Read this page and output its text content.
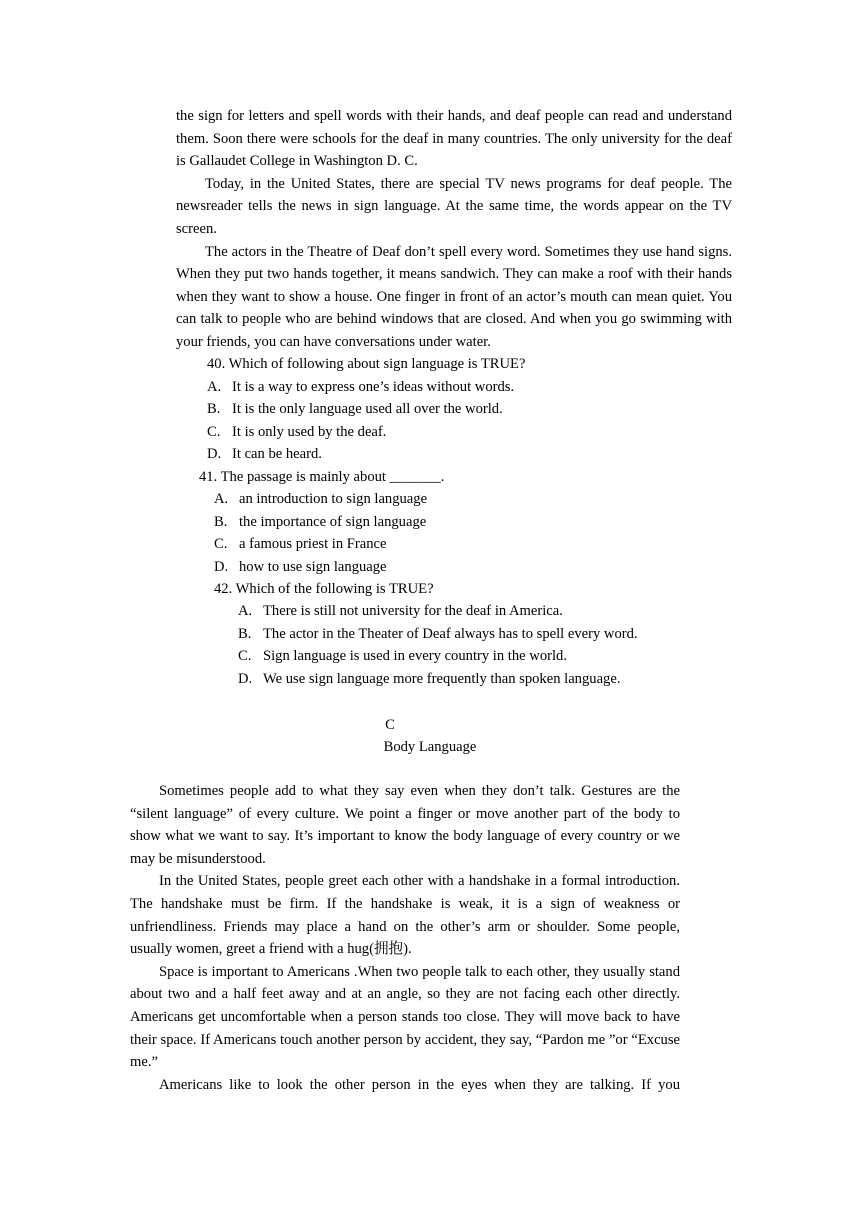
the sign for letters and spell words with their hands, and deaf people can read and understand them. Soon there were schools for the deaf in many countries. The only university for the deaf is Gallaudet College in Washington D. C.

Today, in the United States, there are special TV news programs for deaf people. The newsreader tells the news in sign language. At the same time, the words appear on the TV screen.

The actors in the Theatre of Deaf don’t spell every word. Sometimes they use hand signs. When they put two hands together, it means sandwich. They can make a roof with their hands when they want to show a house. One finger in front of an actor’s mouth can mean quiet. You can talk to people who are behind windows that are closed. And when you go swimming with your friends, you can have conversations under water.

40. Which of following about sign language is TRUE?
A. It is a way to express one’s ideas without words.
B. It is the only language used all over the world.
C. It is only used by the deaf.
D. It can be heard.
41. The passage is mainly about _______.
A. an introduction to sign language
B. the importance of sign language
C. a famous priest in France
D. how to use sign language
42. Which of the following is TRUE?
A. There is still not university for the deaf in America.
B. The actor in the Theater of Deaf always has to spell every word.
C. Sign language is used in every country in the world.
D. We use sign language more frequently than spoken language.
C
Body Language

Sometimes people add to what they say even when they don’t talk. Gestures are the “silent language” of every culture. We point a finger or move another part of the body to show what we want to say. It’s important to know the body language of every country or we may be misunderstood.

In the United States, people greet each other with a handshake in a formal introduction. The handshake must be firm. If the handshake is weak, it is a sign of weakness or unfriendliness. Friends may place a hand on the other’s arm or shoulder. Some people, usually women, greet a friend with a hug(拥抱).

Space is important to Americans .When two people talk to each other, they usually stand about two and a half feet away and at an angle, so they are not facing each other directly. Americans get uncomfortable when a person stands too close. They will move back to have their space. If Americans touch another person by accident, they say, “Pardon me ”or “Excuse me.”

Americans like to look the other person in the eyes when they are talking. If you
